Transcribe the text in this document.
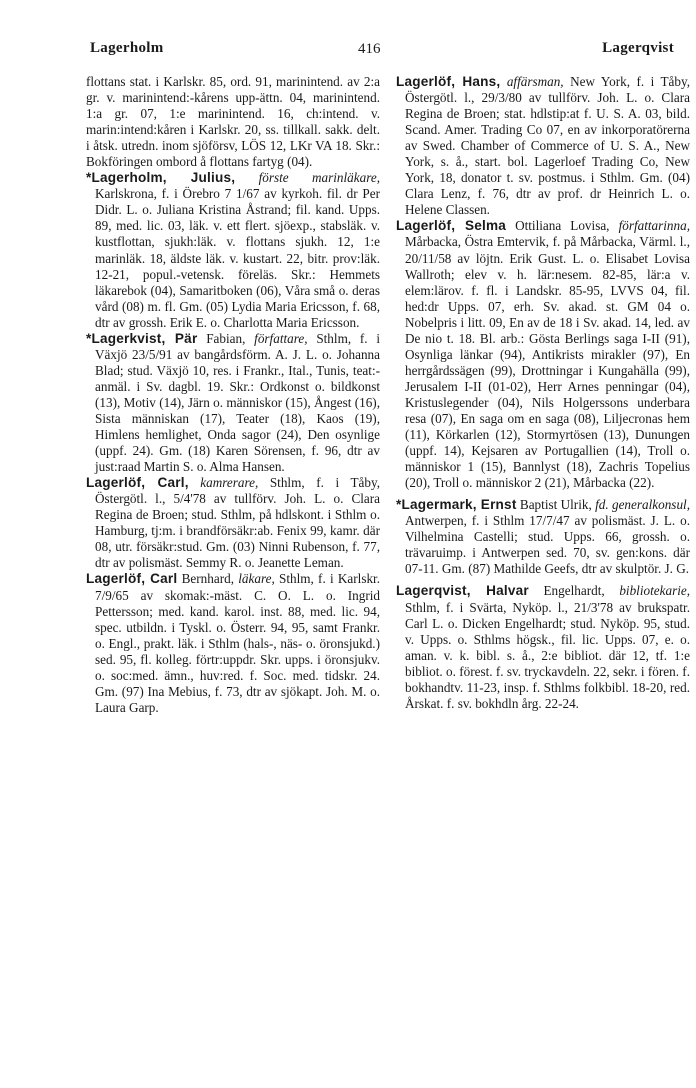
Lagerholm	416	Lagerqvist

flottans stat. i Karlskr. 85, ord. 91, marinintend. av 2:a gr. v. marinintend:-kårens upp-ättn. 04, marinintend. 1:a gr. 07, 1:e marinintend. 16, ch:intend. v. marin:intend:kåren i Karlskr. 20, ss. tillkall. sakk. delt. i åtsk. utredn. inom sjöförsv, LÖS 12, LKr VA 18. Skr.: Bokföringen ombord å flottans fartyg (04).

*Lagerholm, Julius, förste marinläkare, Karlskrona, f. i Örebro 7 1/67 av kyrkoh. fil. dr Per Didr. L. o. Juliana Kristina Åstrand; fil. kand. Upps. 89, med. lic. 03, läk. v. ett flert. sjöexp., stabsläk. v. kustflottan, sjukh:läk. v. flottans sjukh. 12, 1:e marinläk. 18, äldste läk. v. kustart. 22, bitr. prov:läk. 12-21, popul.-vetensk. föreläs. Skr.: Hemmets läkarebok (04), Samaritboken (06), Våra små o. deras vård (08) m. fl. Gm. (05) Lydia Maria Ericsson, f. 68, dtr av grossh. Erik E. o. Charlotta Maria Ericsson.

*Lagerkvist, Pär Fabian, författare, Sthlm, f. i Växjö 23/5/91 av bangårdsförm. A. J. L. o. Johanna Blad; stud. Växjö 10, res. i Frankr., Ital., Tunis, teat:-anmäl. i Sv. dagbl. 19. Skr.: Ordkonst o. bildkonst (13), Motiv (14), Järn o. människor (15), Ångest (16), Sista människan (17), Teater (18), Kaos (19), Himlens hemlighet, Onda sagor (24), Den osynlige (uppf. 24). Gm. (18) Karen Sörensen, f. 96, dtr av just:raad Martin S. o. Alma Hansen.

Lagerlöf, Carl, kamrerare, Sthlm, f. i Tåby, Östergötl. l., 5/4'78 av tullförv. Joh. L. o. Clara Regina de Broen; stud. Sthlm, på hdlskont. i Sthlm o. Hamburg, tj:m. i brandförsäkr:ab. Fenix 99, kamr. där 08, utr. försäkr:stud. Gm. (03) Ninni Rubenson, f. 77, dtr av polismäst. Semmy R. o. Jeanette Leman.

Lagerlöf, Carl Bernhard, läkare, Sthlm, f. i Karlskr. 7/9/65 av skomak:-mäst. C. O. L. o. Ingrid Pettersson; med. kand. karol. inst. 88, med. lic. 94, spec. utbildn. i Tyskl. o. Österr. 94, 95, samt Frankr. o. Engl., prakt. läk. i Sthlm (hals-, näs- o. öronsjukd.) sed. 95, fl. kolleg. förtr:uppdr. Skr. upps. i öronsjukv. o. soc:med. ämn., huv:red. f. Soc. med. tidskr. 24. Gm. (97) Ina Mebius, f. 73, dtr av sjökapt. Joh. M. o. Laura Garp.

Lagerlöf, Hans, affärsman, New York, f. i Tåby, Östergötl. l., 29/3/80 av tullförv. Joh. L. o. Clara Regina de Broen; stat. hdlstip:at f. U. S. A. 03, bild. Scand. Amer. Trading Co 07, en av inkorporatörerna av Swed. Chamber of Commerce of U. S. A., New York, s. å., start. bol. Lagerloef Trading Co, New York, 18, donator t. sv. postmus. i Sthlm. Gm. (04) Clara Lenz, f. 76, dtr av prof. dr Heinrich L. o. Helene Classen.

Lagerlöf, Selma Ottiliana Lovisa, författarinna, Mårbacka, Östra Emtervik, f. på Mårbacka, Värml. l., 20/11/58 av löjtn. Erik Gust. L. o. Elisabet Lovisa Wallroth; elev v. h. lär:nesem. 82-85, lär:a v. elem:lärov. f. fl. i Landskr. 85-95, LVVS 04, fil. hed:dr Upps. 07, erh. Sv. akad. st. GM 04 o. Nobelpris i litt. 09, En av de 18 i Sv. akad. 14, led. av De nio t. 18. Bl. arb.: Gösta Berlings saga I-II (91), Osynliga länkar (94), Antikrists mirakler (97), En herrgårdssägen (99), Drottningar i Kungahälla (99), Jerusalem I-II (01-02), Herr Arnes penningar (04), Kristuslegender (04), Nils Holgerssons underbara resa (07), En saga om en saga (08), Liljecronas hem (11), Körkarlen (12), Stormyrtösen (13), Dunungen (uppf. 14), Kejsaren av Portugallien (14), Troll o. människor 1 (15), Bannlyst (18), Zachris Topelius (20), Troll o. människor 2 (21), Mårbacka (22).

*Lagermark, Ernst Baptist Ulrik, fd. generalkonsul, Antwerpen, f. i Sthlm 17/7/47 av polismäst. J. L. o. Vilhelmina Castelli; stud. Upps. 66, grossh. o. trävaruimp. i Antwerpen sed. 70, sv. gen:kons. där 07-11. Gm. (87) Mathilde Geefs, dtr av skulptör. J. G.

Lagerqvist, Halvar Engelhardt, bibliotekarie, Sthlm, f. i Svärta, Nyköp. l., 21/3'78 av brukspatr. Carl L. o. Dicken Engelhardt; stud. Nyköp. 95, stud. v. Upps. o. Sthlms högsk., fil. lic. Upps. 07, e. o. aman. v. k. bibl. s. å., 2:e bibliot. där 12, tf. 1:e bibliot. o. förest. f. sv. tryckavdeln. 22, sekr. i fören. f. bokhandtv. 11-23, insp. f. Sthlms folkbibl. 18-20, red. Årskat. f. sv. bokhdln årg. 22-24.
